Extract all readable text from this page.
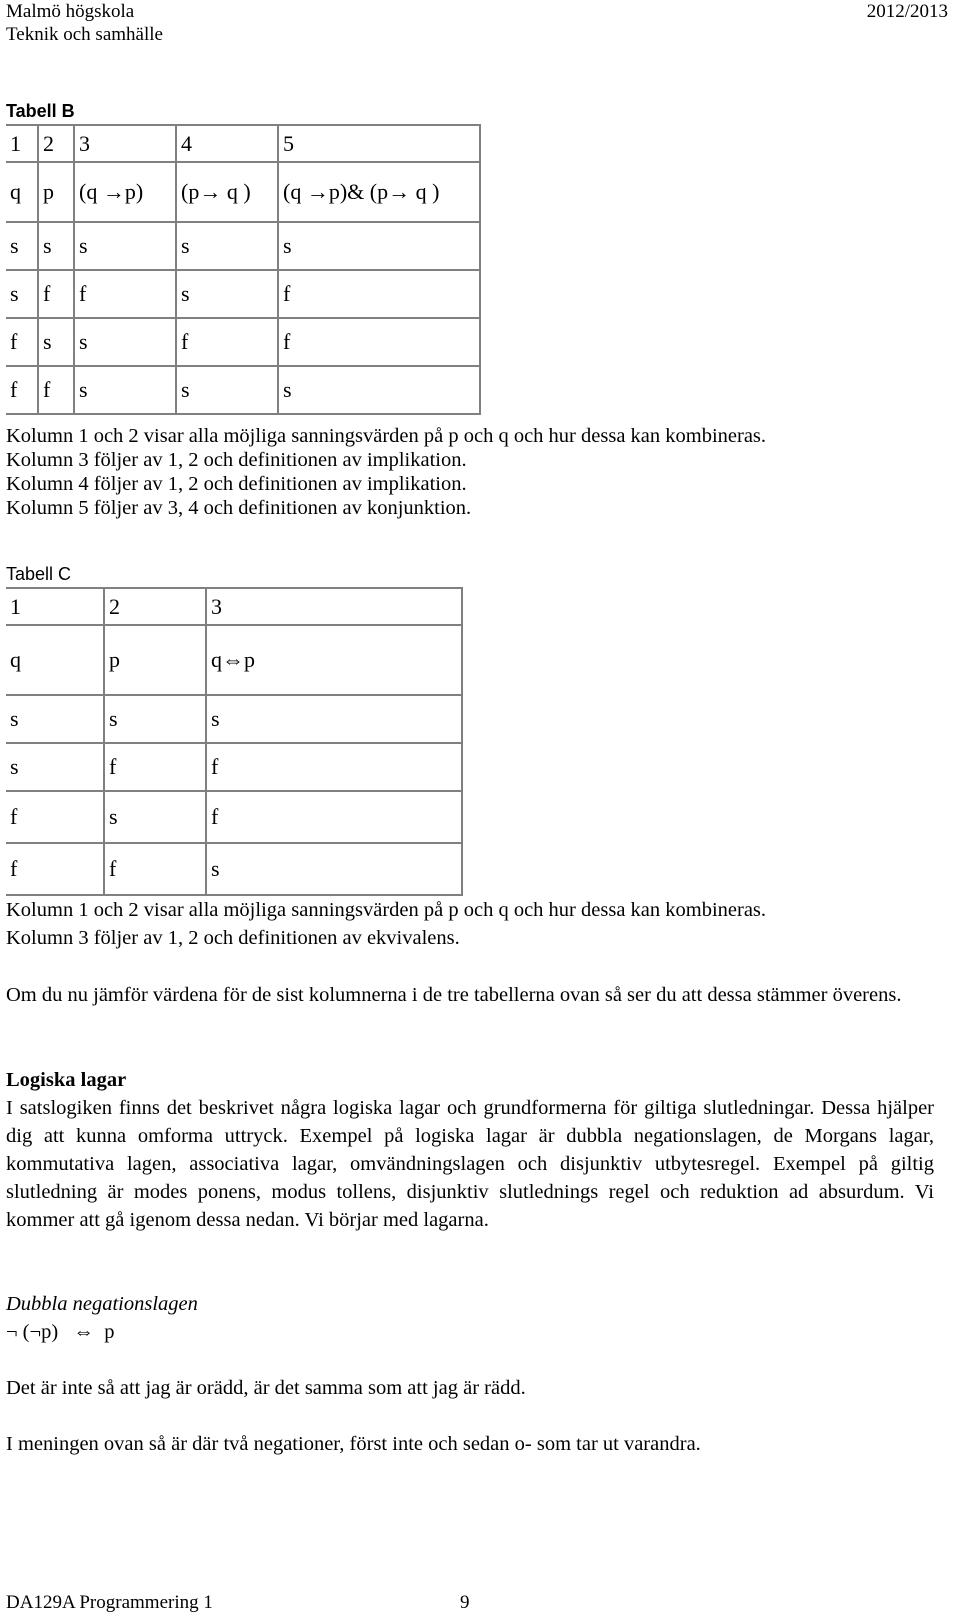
Malmö högskola
Teknik och samhälle
2012/2013
Tabell B
1	2	3	4	5
q	p	(q →p)	(p→ q )	(q →p)& (p→ q )
s	s	s	s	s
s	f	f	s	f
f	s	s	f	f
f	f	s	s	s
Kolumn 1 och 2 visar alla möjliga sanningsvärden på p och q och hur dessa kan kombineras.
Kolumn 3 följer av 1, 2 och definitionen av implikation.
Kolumn 4 följer av 1, 2 och definitionen av implikation.
Kolumn 5 följer av 3, 4 och definitionen av konjunktion.
Tabell C
1	2	3
q	p	q⇔p
s	s	s
s	f	f
f	s	f
f	f	s
Kolumn 1 och 2 visar alla möjliga sanningsvärden på p och q och hur dessa kan kombineras.
Kolumn 3 följer av 1, 2 och definitionen av ekvivalens.
Om du nu jämför värdena för de sist kolumnerna i de tre tabellerna ovan så ser du att dessa stämmer överens.
Logiska lagar
I satslogiken finns det beskrivet några logiska lagar och grundformerna för giltiga slutledningar. Dessa hjälper dig att kunna omforma uttryck. Exempel på logiska lagar är dubbla negationslagen, de Morgans lagar, kommutativa lagen, associativa lagar, omvändningslagen och disjunktiv utbytesregel. Exempel på giltig slutledning är modes ponens, modus tollens, disjunktiv slutlednings regel och reduktion ad absurdum. Vi kommer att gå igenom dessa nedan. Vi börjar med lagarna.
Dubbla negationslagen
¬ (¬p)   ⇔  p
Det är inte så att jag är orädd, är det samma som att jag är rädd.
I meningen ovan så är där två negationer, först inte och sedan o- som tar ut varandra.
DA129A Programmering 1	9
